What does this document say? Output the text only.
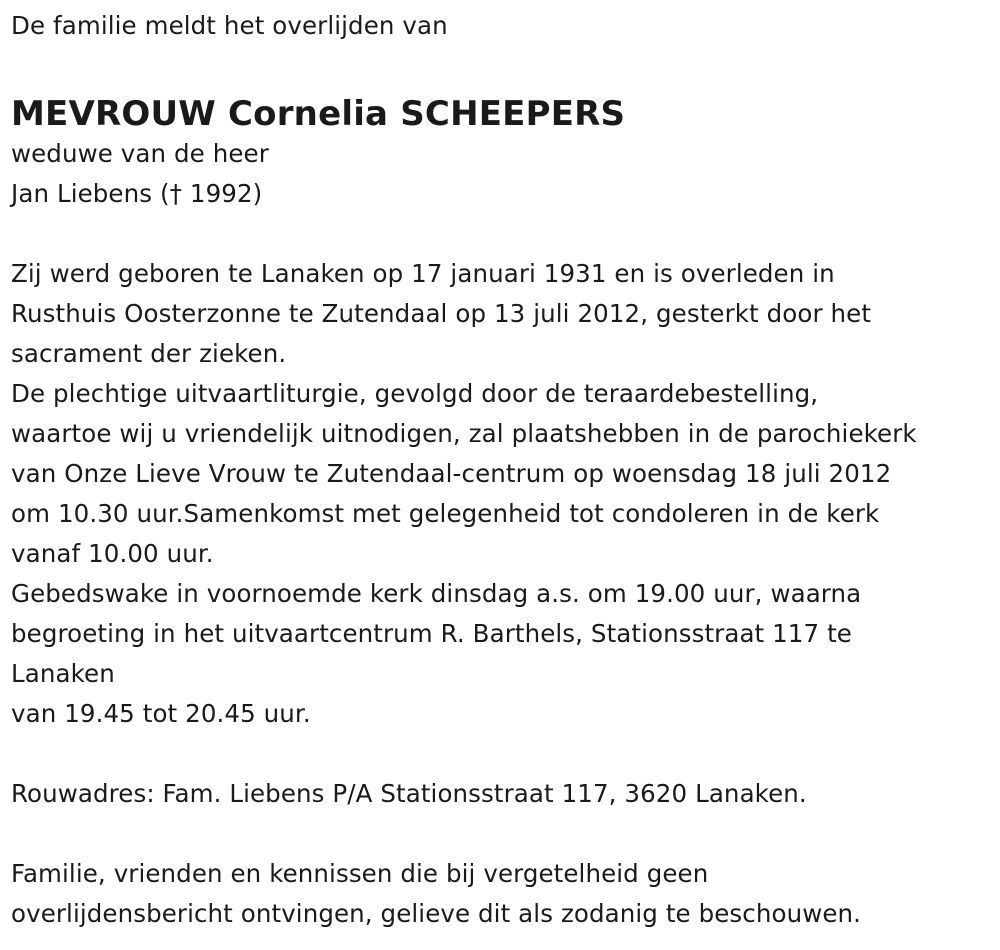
De familie meldt het overlijden van
MEVROUW Cornelia SCHEEPERS
weduwe van de heer
Jan Liebens († 1992)
Zij werd geboren te Lanaken op 17 januari 1931 en is overleden in
Rusthuis Oosterzonne te Zutendaal op 13 juli 2012, gesterkt door het
sacrament der zieken.
De plechtige uitvaartliturgie, gevolgd door de teraardebestelling,
waartoe wij u vriendelijk uitnodigen, zal plaatshebben in de parochiekerk
van Onze Lieve Vrouw te Zutendaal-centrum op woensdag 18 juli 2012
om 10.30 uur.Samenkomst met gelegenheid tot condoleren in de kerk
vanaf 10.00 uur.
Gebedswake in voornoemde kerk dinsdag a.s. om 19.00 uur, waarna
begroeting in het uitvaartcentrum R. Barthels, Stationsstraat 117 te
Lanaken
van 19.45 tot 20.45 uur.
Rouwadres: Fam. Liebens P/A Stationsstraat 117, 3620 Lanaken.
Familie, vrienden en kennissen die bij vergetelheid geen
overlijdensbericht ontvingen, gelieve dit als zodanig te beschouwen.
